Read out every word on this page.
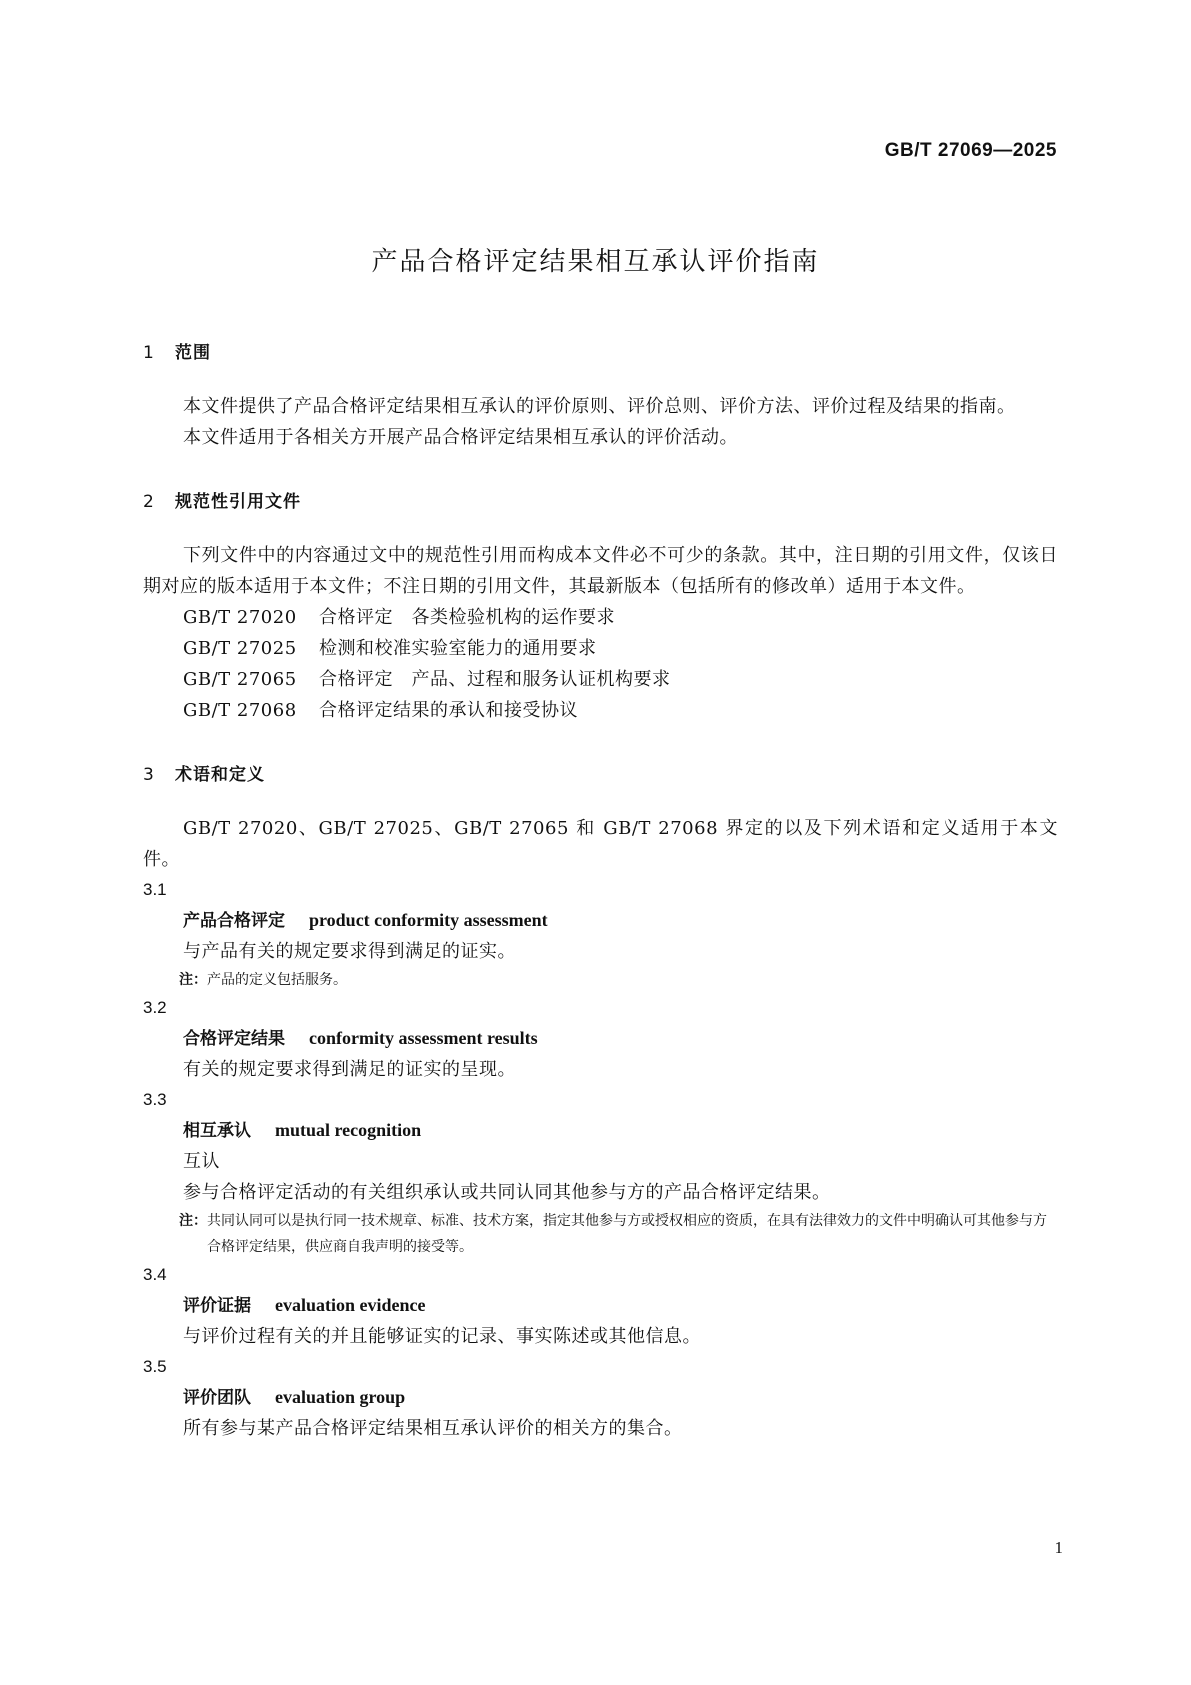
GB/T 27069—2025

产品合格评定结果相互承认评价指南
1 范围

本文件提供了产品合格评定结果相互承认的评价原则、评价总则、评价方法、评价过程及结果的指南。

本文件适用于各相关方开展产品合格评定结果相互承认的评价活动。

2 规范性引用文件

下列文件中的内容通过文中的规范性引用而构成本文件必不可少的条款。其中，注日期的引用文件，仅该日期对应的版本适用于本文件；不注日期的引用文件，其最新版本（包括所有的修改单）适用于本文件。

GB/T 27020 合格评定　各类检验机构的运作要求
GB/T 27025 检测和校准实验室能力的通用要求
GB/T 27065 合格评定　产品、过程和服务认证机构要求
GB/T 27068 合格评定结果的承认和接受协议
3 术语和定义

GB/T 27020、GB/T 27025、GB/T 27065 和 GB/T 27068 界定的以及下列术语和定义适用于本文件。

3.1

产品合格评定 product conformity assessment

与产品有关的规定要求得到满足的证实。

注： 产品的定义包括服务。

3.2

合格评定结果 conformity assessment results

有关的规定要求得到满足的证实的呈现。

3.3

相互承认 mutual recognition

互认

参与合格评定活动的有关组织承认或共同认同其他参与方的产品合格评定结果。

注： 共同认同可以是执行同一技术规章、标准、技术方案，指定其他参与方或授权相应的资质，在具有法律效力的文件中明确认可其他参与方合格评定结果，供应商自我声明的接受等。

3.4

评价证据 evaluation evidence

与评价过程有关的并且能够证实的记录、事实陈述或其他信息。

3.5

评价团队 evaluation group

所有参与某产品合格评定结果相互承认评价的相关方的集合。

1
